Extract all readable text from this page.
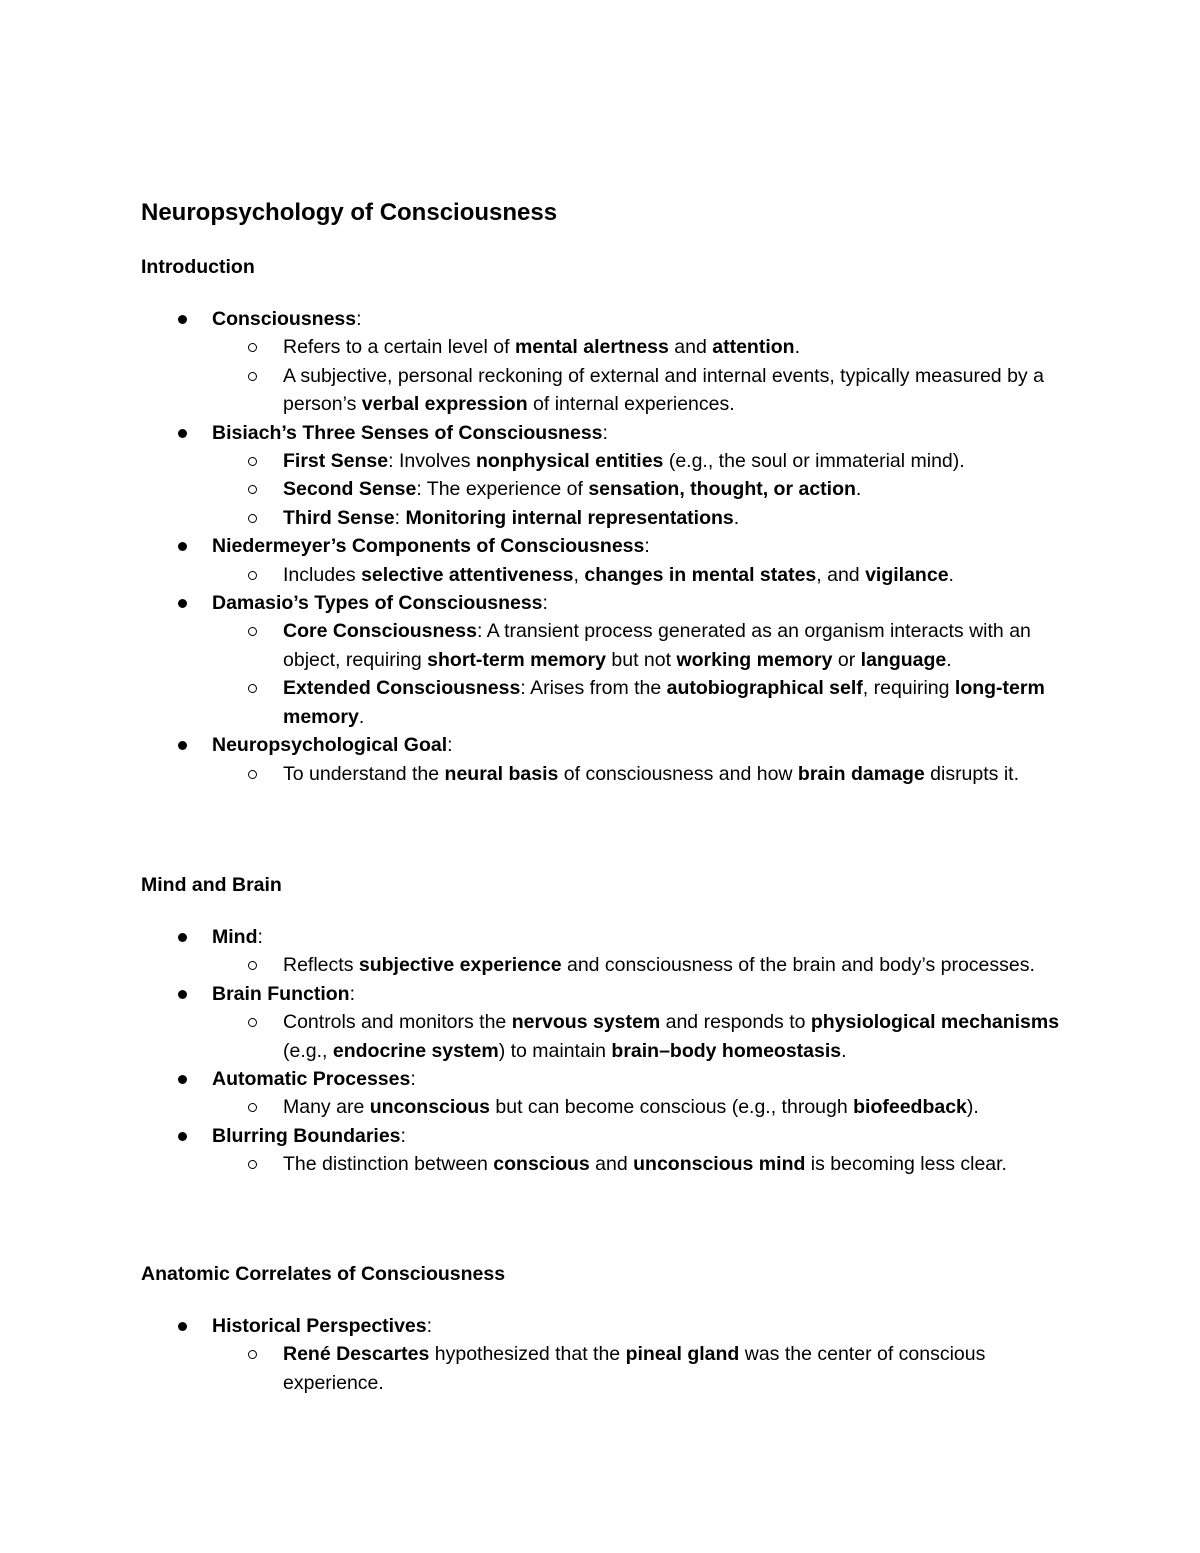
Neuropsychology of Consciousness
Introduction
Consciousness:
Refers to a certain level of mental alertness and attention.
A subjective, personal reckoning of external and internal events, typically measured by a person’s verbal expression of internal experiences.
Bisiach’s Three Senses of Consciousness:
First Sense: Involves nonphysical entities (e.g., the soul or immaterial mind).
Second Sense: The experience of sensation, thought, or action.
Third Sense: Monitoring internal representations.
Niedermeyer’s Components of Consciousness:
Includes selective attentiveness, changes in mental states, and vigilance.
Damasio’s Types of Consciousness:
Core Consciousness: A transient process generated as an organism interacts with an object, requiring short-term memory but not working memory or language.
Extended Consciousness: Arises from the autobiographical self, requiring long-term memory.
Neuropsychological Goal:
To understand the neural basis of consciousness and how brain damage disrupts it.
Mind and Brain
Mind:
Reflects subjective experience and consciousness of the brain and body’s processes.
Brain Function:
Controls and monitors the nervous system and responds to physiological mechanisms (e.g., endocrine system) to maintain brain–body homeostasis.
Automatic Processes:
Many are unconscious but can become conscious (e.g., through biofeedback).
Blurring Boundaries:
The distinction between conscious and unconscious mind is becoming less clear.
Anatomic Correlates of Consciousness
Historical Perspectives:
René Descartes hypothesized that the pineal gland was the center of conscious experience.
